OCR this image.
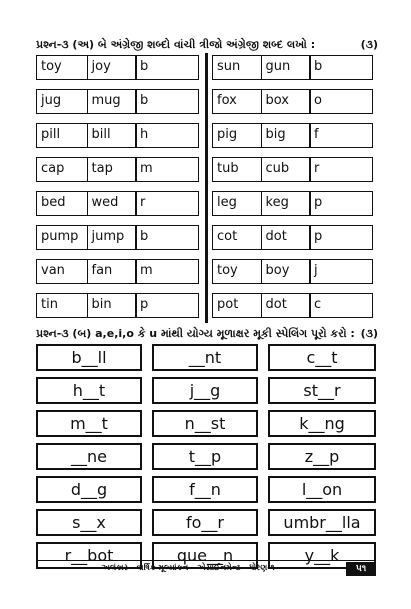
પ્રશ્ન-૩ (અ) બે અંગ્રેજી શબ્દો વાંચી ત્રીજો અંગ્રેજી શબ્દ લખો :	(૩)
toy	joy	b
jug	mug	b
pill	bill	h
cap	tap	m
bed	wed	r
pump	jump	b
van	fan	m
tin	bin	p
sun	gun	b
fox	box	o
pig	big	f
tub	cub	r
leg	keg	p
cot	dot	p
toy	boy	j
pot	dot	c
પ્રશ્ન-૩ (બ) a,e,i,o કે u માંથી યોગ્ય મૂળાક્ષર મૂકી સ્પેલિંગ પૂરો કરો : (૩)
b__ll	__nt	c__t
h__t	j__g	st__r
m__t	n__st	k__ng
__ne	t__p	z__p
d__g	f__n	l__on
s__x	fo__r	umbr__lla
r__bot	que__n	y__k
અલંકાર - વાર્ષિક મૂલ્યાંકન - એસાઈનમેન્ટ - ધોરણ-૧	૫૧
